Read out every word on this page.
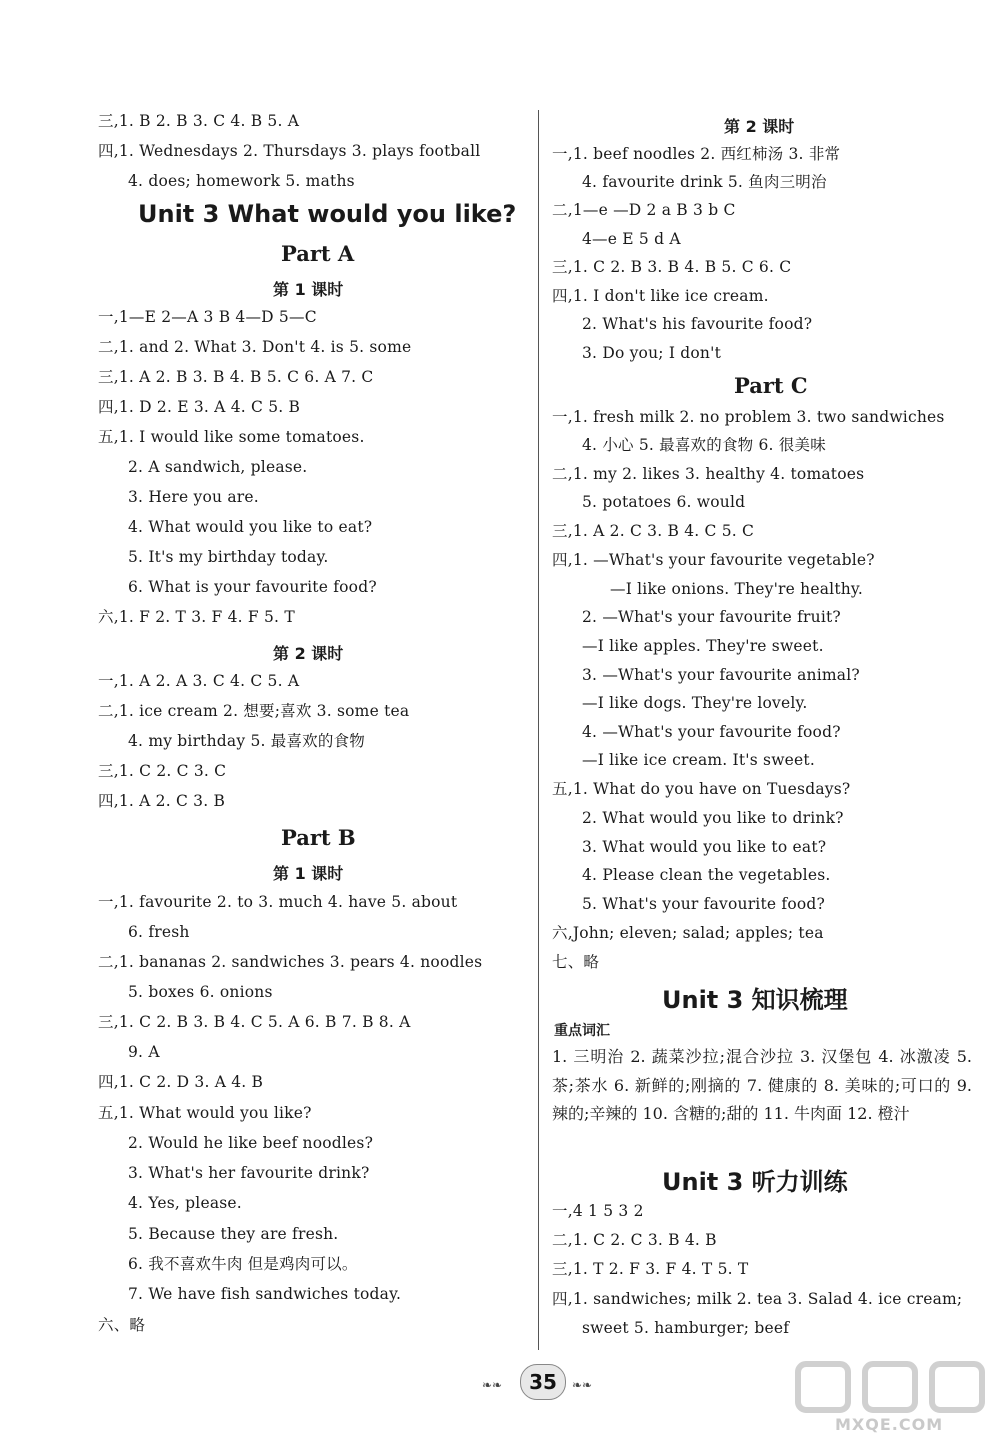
三,1. B 2. B 3. C 4. B 5. A
四,1. Wednesdays 2. Thursdays 3. plays football
4. does; homework 5. maths
Unit 3 What would you like?
Part A
第 1 课时
一,1—E 2—A 3 B 4—D 5—C
二,1. and 2. What 3. Don't 4. is 5. some
三,1. A 2. B 3. B 4. B 5. C 6. A 7. C
四,1. D 2. E 3. A 4. C 5. B
五,1. I would like some tomatoes.
2. A sandwich, please.
3. Here you are.
4. What would you like to eat?
5. It's my birthday today.
6. What is your favourite food?
六,1. F 2. T 3. F 4. F 5. T
第 2 课时
一,1. A 2. A 3. C 4. C 5. A
二,1. ice cream 2. 想要;喜欢 3. some tea
4. my birthday 5. 最喜欢的食物
三,1. C 2. C 3. C
四,1. A 2. C 3. B
Part B
第 1 课时
一,1. favourite 2. to 3. much 4. have 5. about
6. fresh
二,1. bananas 2. sandwiches 3. pears 4. noodles
5. boxes 6. onions
三,1. C 2. B 3. B 4. C 5. A 6. B 7. B 8. A
9. A
四,1. C 2. D 3. A 4. B
五,1. What would you like?
2. Would he like beef noodles?
3. What's her favourite drink?
4. Yes, please.
5. Because they are fresh.
6. 我不喜欢牛肉 但是鸡肉可以。
7. We have fish sandwiches today.
六、略
第 2 课时
一,1. beef noodles 2. 西红柿汤 3. 非常
4. favourite drink 5. 鱼肉三明治
二,1—e —D 2 a B 3 b C
4—e E 5 d A
三,1. C 2. B 3. B 4. B 5. C 6. C
四,1. I don't like ice cream.
2. What's his favourite food?
3. Do you; I don't
Part C
一,1. fresh milk 2. no problem 3. two sandwiches
4. 小心 5. 最喜欢的食物 6. 很美味
二,1. my 2. likes 3. healthy 4. tomatoes
5. potatoes 6. would
三,1. A 2. C 3. B 4. C 5. C
四,1. —What's your favourite vegetable?
—I like onions. They're healthy.
2. —What's your favourite fruit?
—I like apples. They're sweet.
3. —What's your favourite animal?
—I like dogs. They're lovely.
4. —What's your favourite food?
—I like ice cream. It's sweet.
五,1. What do you have on Tuesdays?
2. What would you like to drink?
3. What would you like to eat?
4. Please clean the vegetables.
5. What's your favourite food?
六,John; eleven; salad; apples; tea
七、略
Unit 3 知识梳理
重点词汇
1. 三明治 2. 蔬菜沙拉;混合沙拉 3. 汉堡包 4. 冰激凌 5. 茶;茶水 6. 新鲜的;刚摘的 7. 健康的 8. 美味的;可口的 9. 辣的;辛辣的 10. 含糖的;甜的 11. 牛肉面 12. 橙汁
Unit 3 听力训练
一,4 1 5 3 2
二,1. C 2. C 3. B 4. B
三,1. T 2. F 3. F 4. T 5. T
四,1. sandwiches; milk 2. tea 3. Salad 4. ice cream;
sweet 5. hamburger; beef
❧❧	35	❧❧
MXQE.COM
